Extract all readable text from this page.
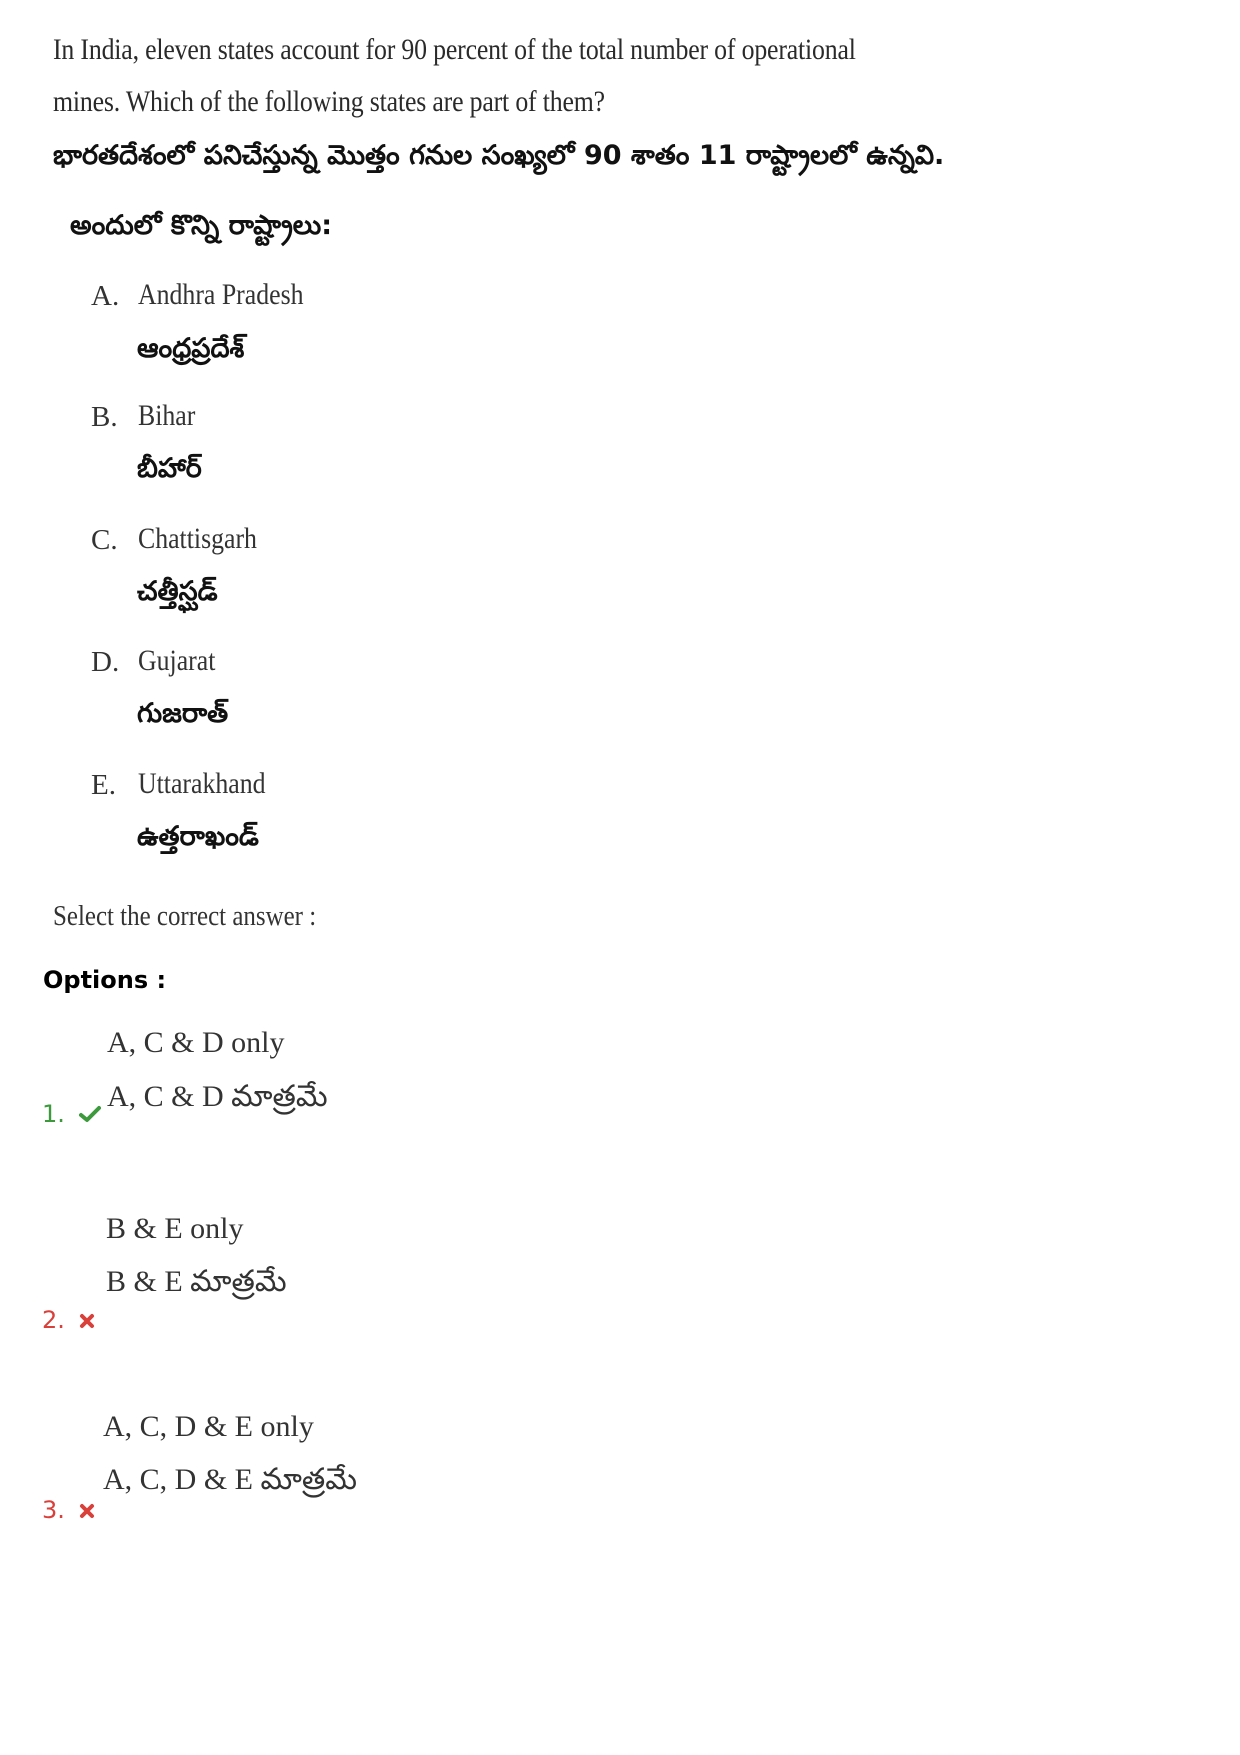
In India, eleven states account for 90 percent of the total number of operational
mines. Which of the following states are part of them?
భారతదేశంలో పనిచేస్తున్న మొత్తం గనుల సంఖ్యలో 90 శాతం 11 రాష్ట్రాలలో ఉన్నవి.
అందులో కొన్ని రాష్ట్రాలు:
A. Andhra Pradesh
ఆంధ్రప్రదేశ్
B. Bihar
బీహార్
C. Chattisgarh
చత్తీస్ఘడ్
D. Gujarat
గుజరాత్
E. Uttarakhand
ఉత్తరాఖండ్
Select the correct answer :
Options :
A, C & D only
A, C & D మాత్రమే
1.
B & E only
B & E మాత్రమే
2.
A, C, D & E only
A, C, D & E మాత్రమే
3.
